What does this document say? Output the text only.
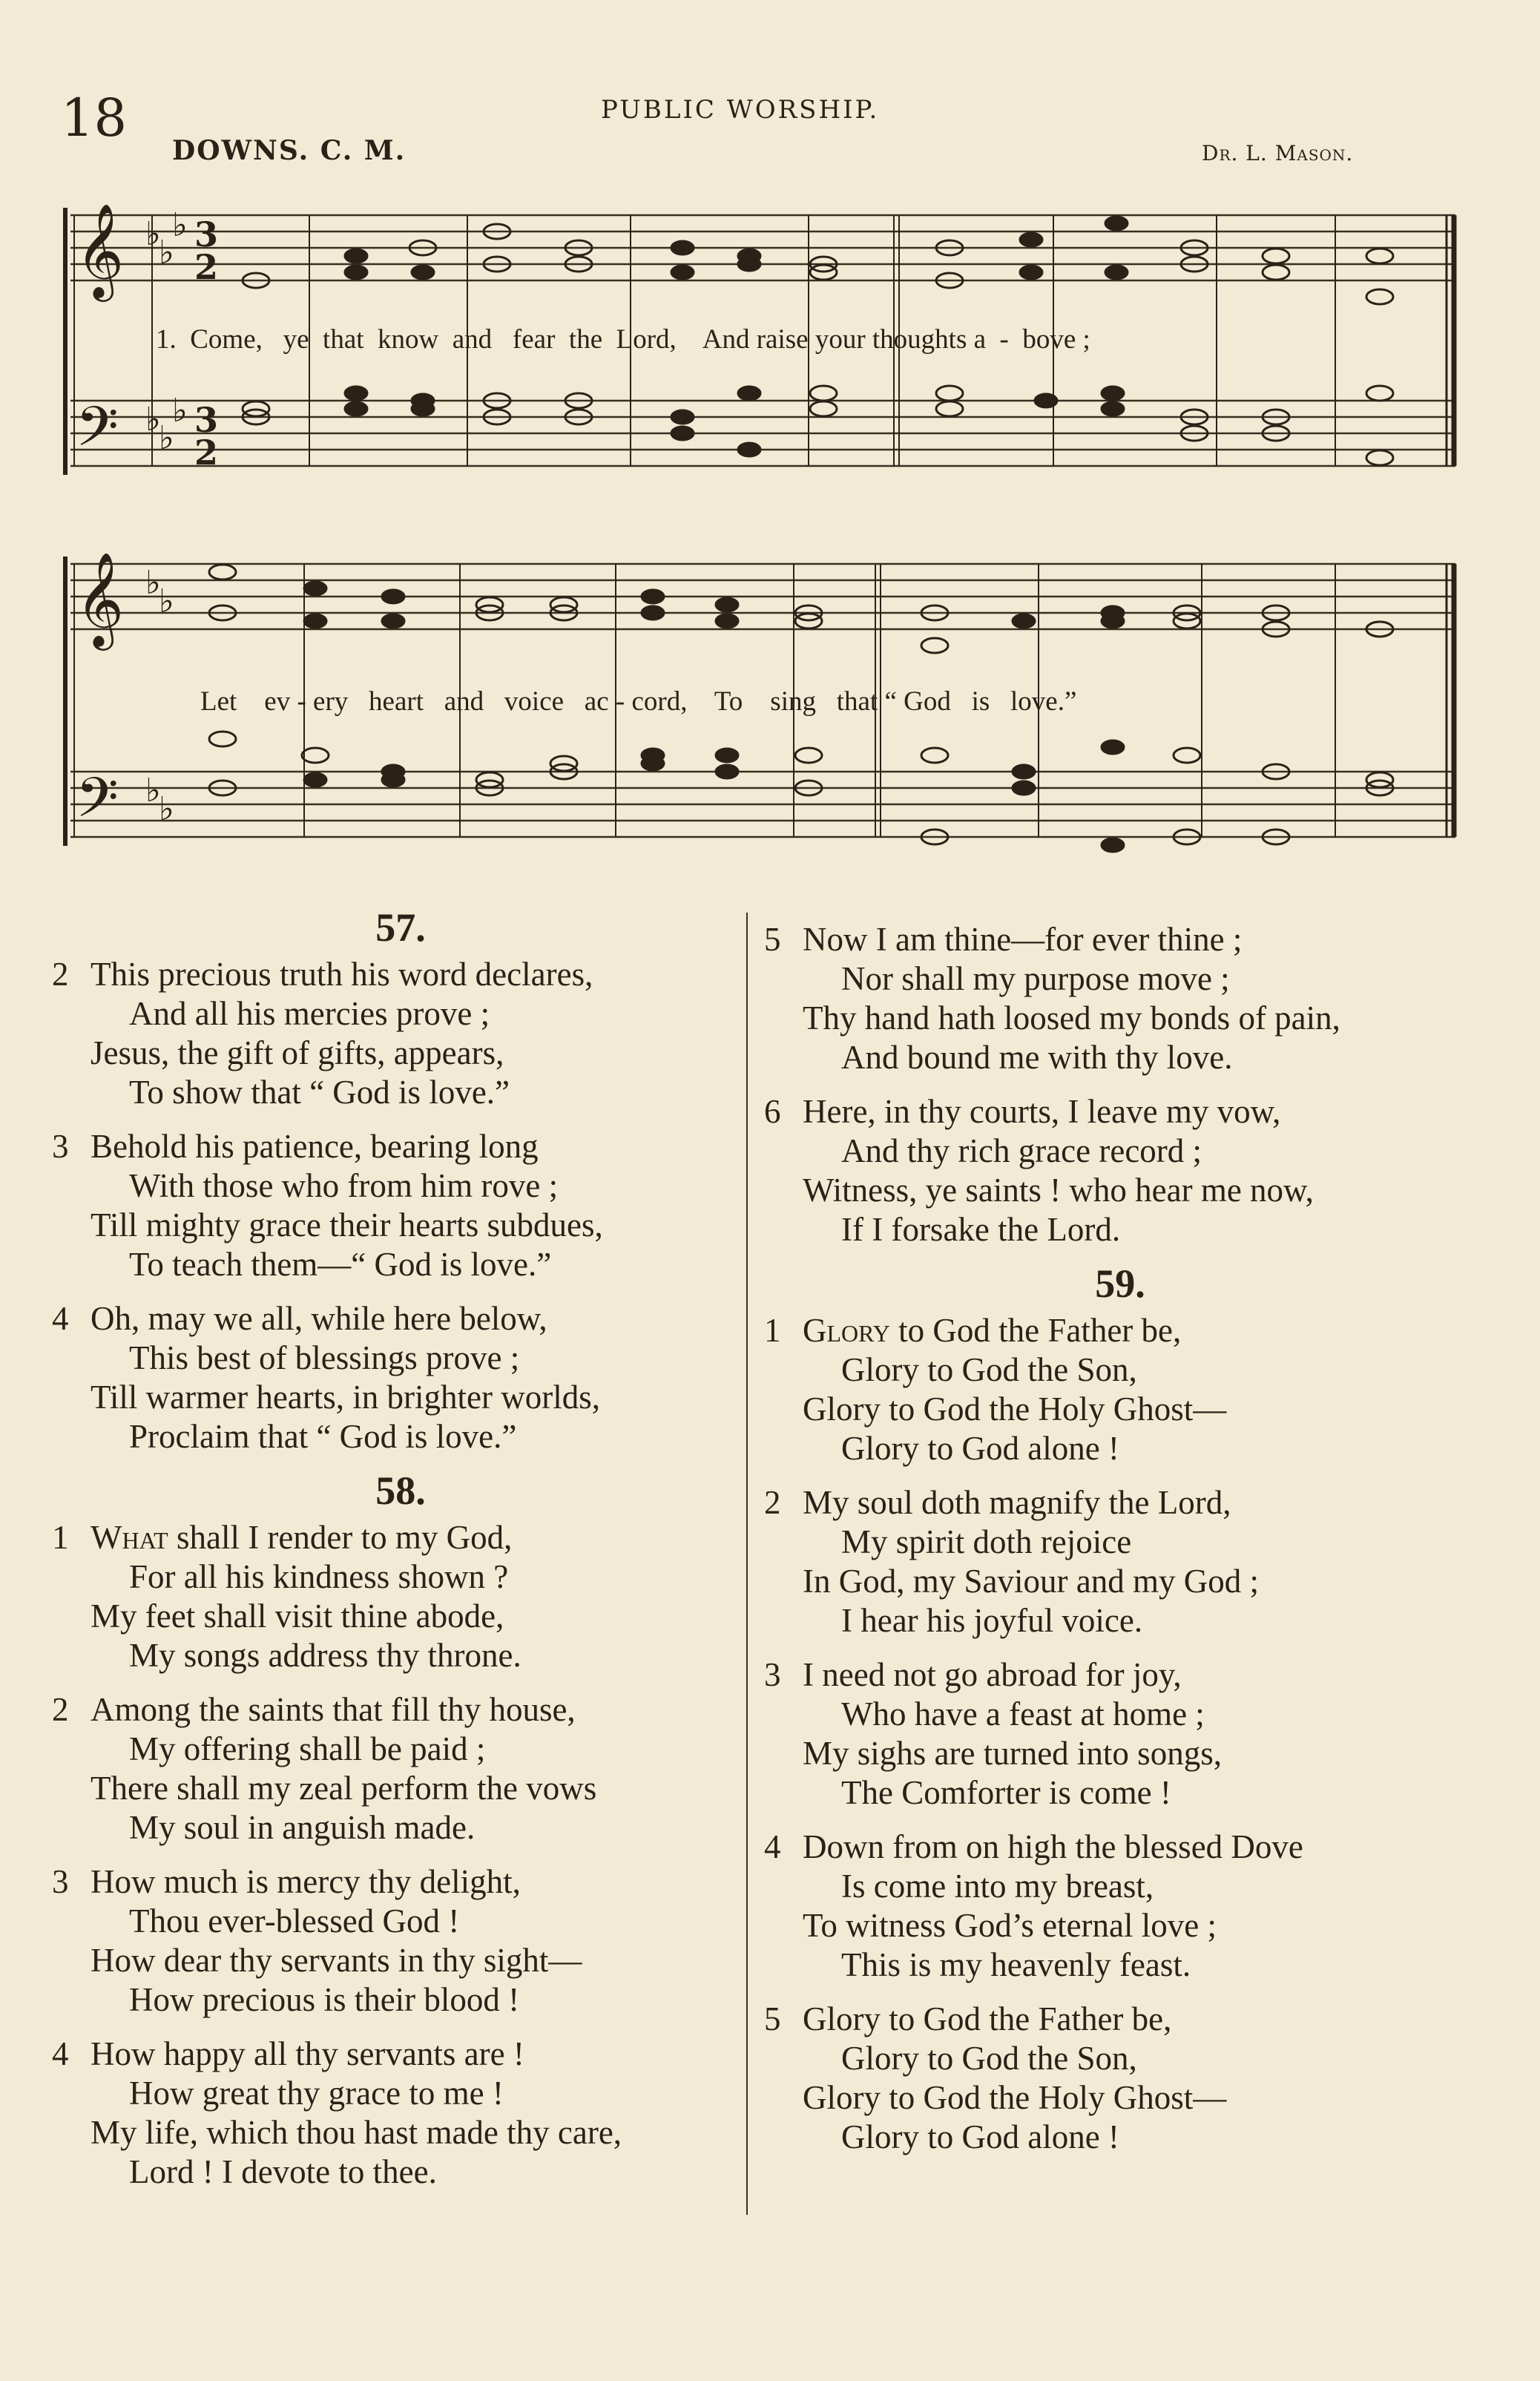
18	PUBLIC WORSHIP.
DOWNS. C. M.	Dr. L. Mason.
𝄞
𝄢
♭
♭
♭
♭
♭
♭
3
2
3
2
1.  Come,   ye  that  know  and   fear  the  Lord,    And raise your thoughts a  -  bove ;
𝄞
𝄢
♭
♭
♭
♭
Let    ev - ery   heart   and   voice   ac - cord,    To    sing   that “ God   is   love.”
57.
2 This precious truth his word declares,
And all his mercies prove ;
Jesus, the gift of gifts, appears,
To show that “ God is love.”
3 Behold his patience, bearing long
With those who from him rove ;
Till mighty grace their hearts subdues,
To teach them—“ God is love.”
4 Oh, may we all, while here below,
This best of blessings prove ;
Till warmer hearts, in brighter worlds,
Proclaim that “ God is love.”
58.
1 What shall I render to my God,
For all his kindness shown ?
My feet shall visit thine abode,
My songs address thy throne.
2 Among the saints that fill thy house,
My offering shall be paid ;
There shall my zeal perform the vows
My soul in anguish made.
3 How much is mercy thy delight,
Thou ever-blessed God !
How dear thy servants in thy sight—
How precious is their blood !
4 How happy all thy servants are !
How great thy grace to me !
My life, which thou hast made thy care,
Lord ! I devote to thee.
5 Now I am thine—for ever thine ;
Nor shall my purpose move ;
Thy hand hath loosed my bonds of pain,
And bound me with thy love.
6 Here, in thy courts, I leave my vow,
And thy rich grace record ;
Witness, ye saints ! who hear me now,
If I forsake the Lord.
59.
1 Glory to God the Father be,
Glory to God the Son,
Glory to God the Holy Ghost—
Glory to God alone !
2 My soul doth magnify the Lord,
My spirit doth rejoice
In God, my Saviour and my God ;
I hear his joyful voice.
3 I need not go abroad for joy,
Who have a feast at home ;
My sighs are turned into songs,
The Comforter is come !
4 Down from on high the blessed Dove
Is come into my breast,
To witness God’s eternal love ;
This is my heavenly feast.
5 Glory to God the Father be,
Glory to God the Son,
Glory to God the Holy Ghost—
Glory to God alone !
